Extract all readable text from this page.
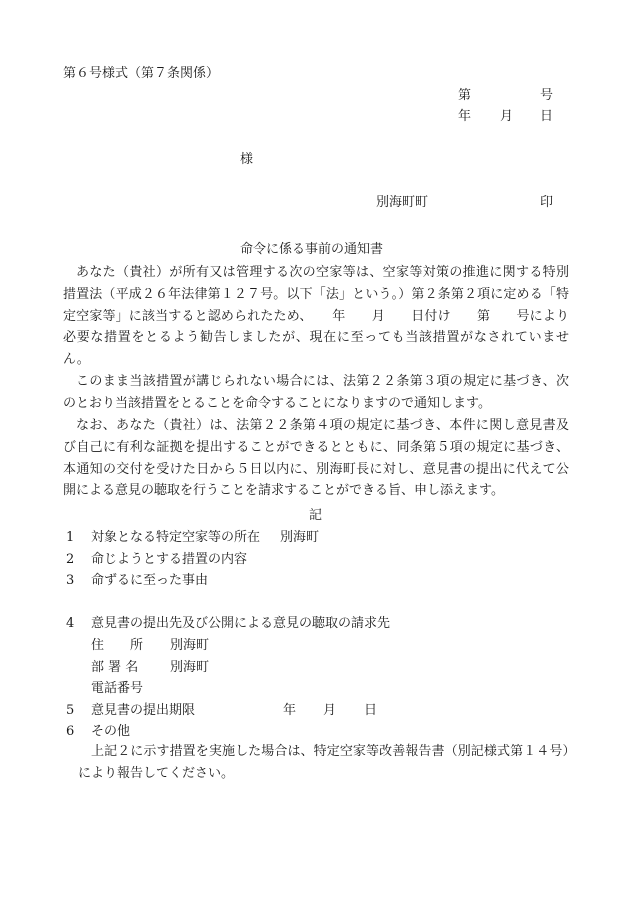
第６号様式（第７条関係）
第	号
年 月 日
様
別海町町	印
命令に係る事前の通知書

あなた（貴社）が所有又は管理する次の空家等は、空家等対策の推進に関する特別措置法（平成２６年法律第１２７号。以下「法」という。）第２条第２項に定める「特定空家等」に該当すると認められたため、　　年　　月　　日付け　　第　　号により必要な措置をとるよう勧告しましたが、現在に至っても当該措置がなされていません。

このまま当該措置が講じられない場合には、法第２２条第３項の規定に基づき、次のとおり当該措置をとることを命令することになりますので通知します。

なお、あなた（貴社）は、法第２２条第４項の規定に基づき、本件に関し意見書及び自己に有利な証拠を提出することができるとともに、同条第５項の規定に基づき、本通知の交付を受けた日から５日以内に、別海町長に対し、意見書の提出に代えて公開による意見の聴取を行うことを請求することができる旨、申し添えます。

記
1 対象となる特定空家等の所在 別海町
2 命じようとする措置の内容
3 命ずるに至った事由
4 意見書の提出先及び公開による意見の聴取の請求先
住　　所 別海町
部 署 名 別海町
電話番号
5 意見書の提出期限	年 月 日
6 その他

上記２に示す措置を実施した場合は、特定空家等改善報告書（別記様式第１４号）により報告してください。
